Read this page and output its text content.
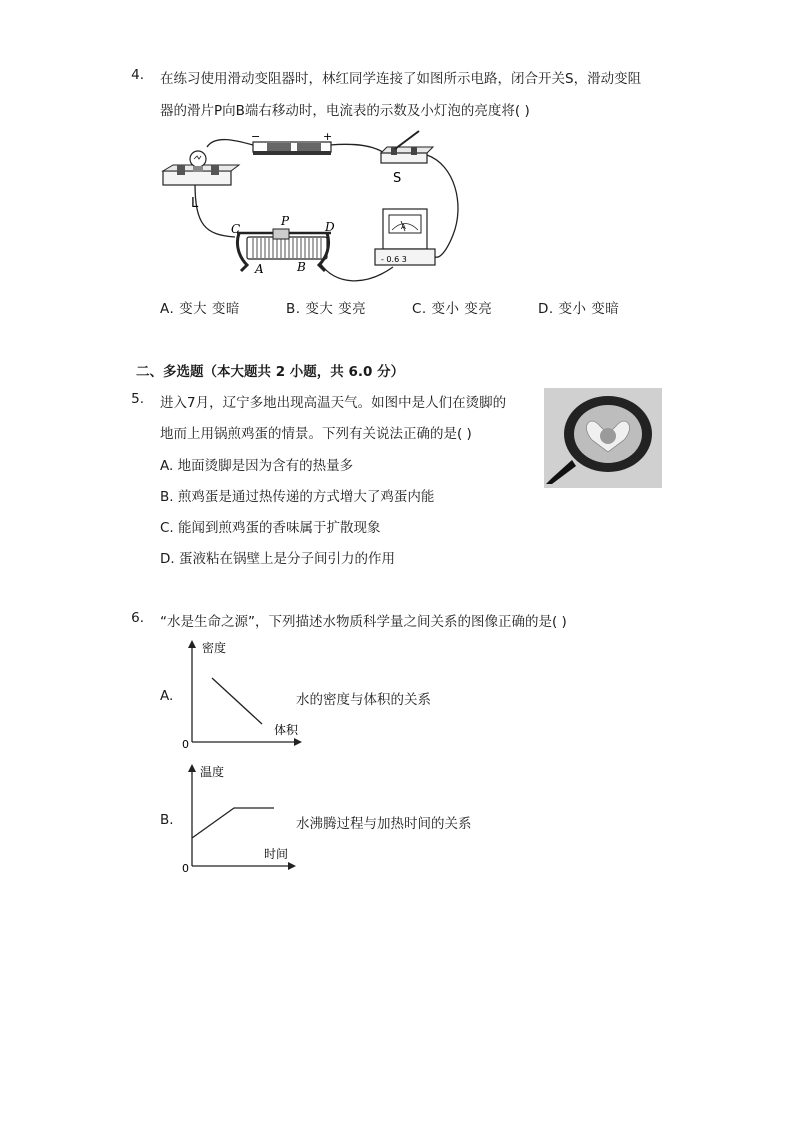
4. 在练习使用滑动变阻器时，林红同学连接了如图所示电路，闭合开关S，滑动变阻
器的滑片P向B端右移动时，电流表的示数及小灯泡的亮度将( )
L
−	+
S
A
- 0.6 3
C
P	D
A	B
A. 变大 变暗	B. 变大 变亮	C. 变小 变亮	D. 变小 变暗
二、多选题（本大题共 2 小题，共 6.0 分）
5. 进入7月，辽宁多地出现高温天气。如图中是人们在烫脚的
地而上用锅煎鸡蛋的情景。下列有关说法正确的是( )
A. 地面烫脚是因为含有的热量多
B. 煎鸡蛋是通过热传递的方式增大了鸡蛋内能
C. 能闻到煎鸡蛋的香味属于扩散现象
D. 蛋液粘在锅壁上是分子间引力的作用
6. “水是生命之源”，下列描述水物质科学量之间关系的图像正确的是( )
A.
密度
体积
0
水的密度与体积的关系
B.
温度
时间
0
水沸腾过程与加热时间的关系
